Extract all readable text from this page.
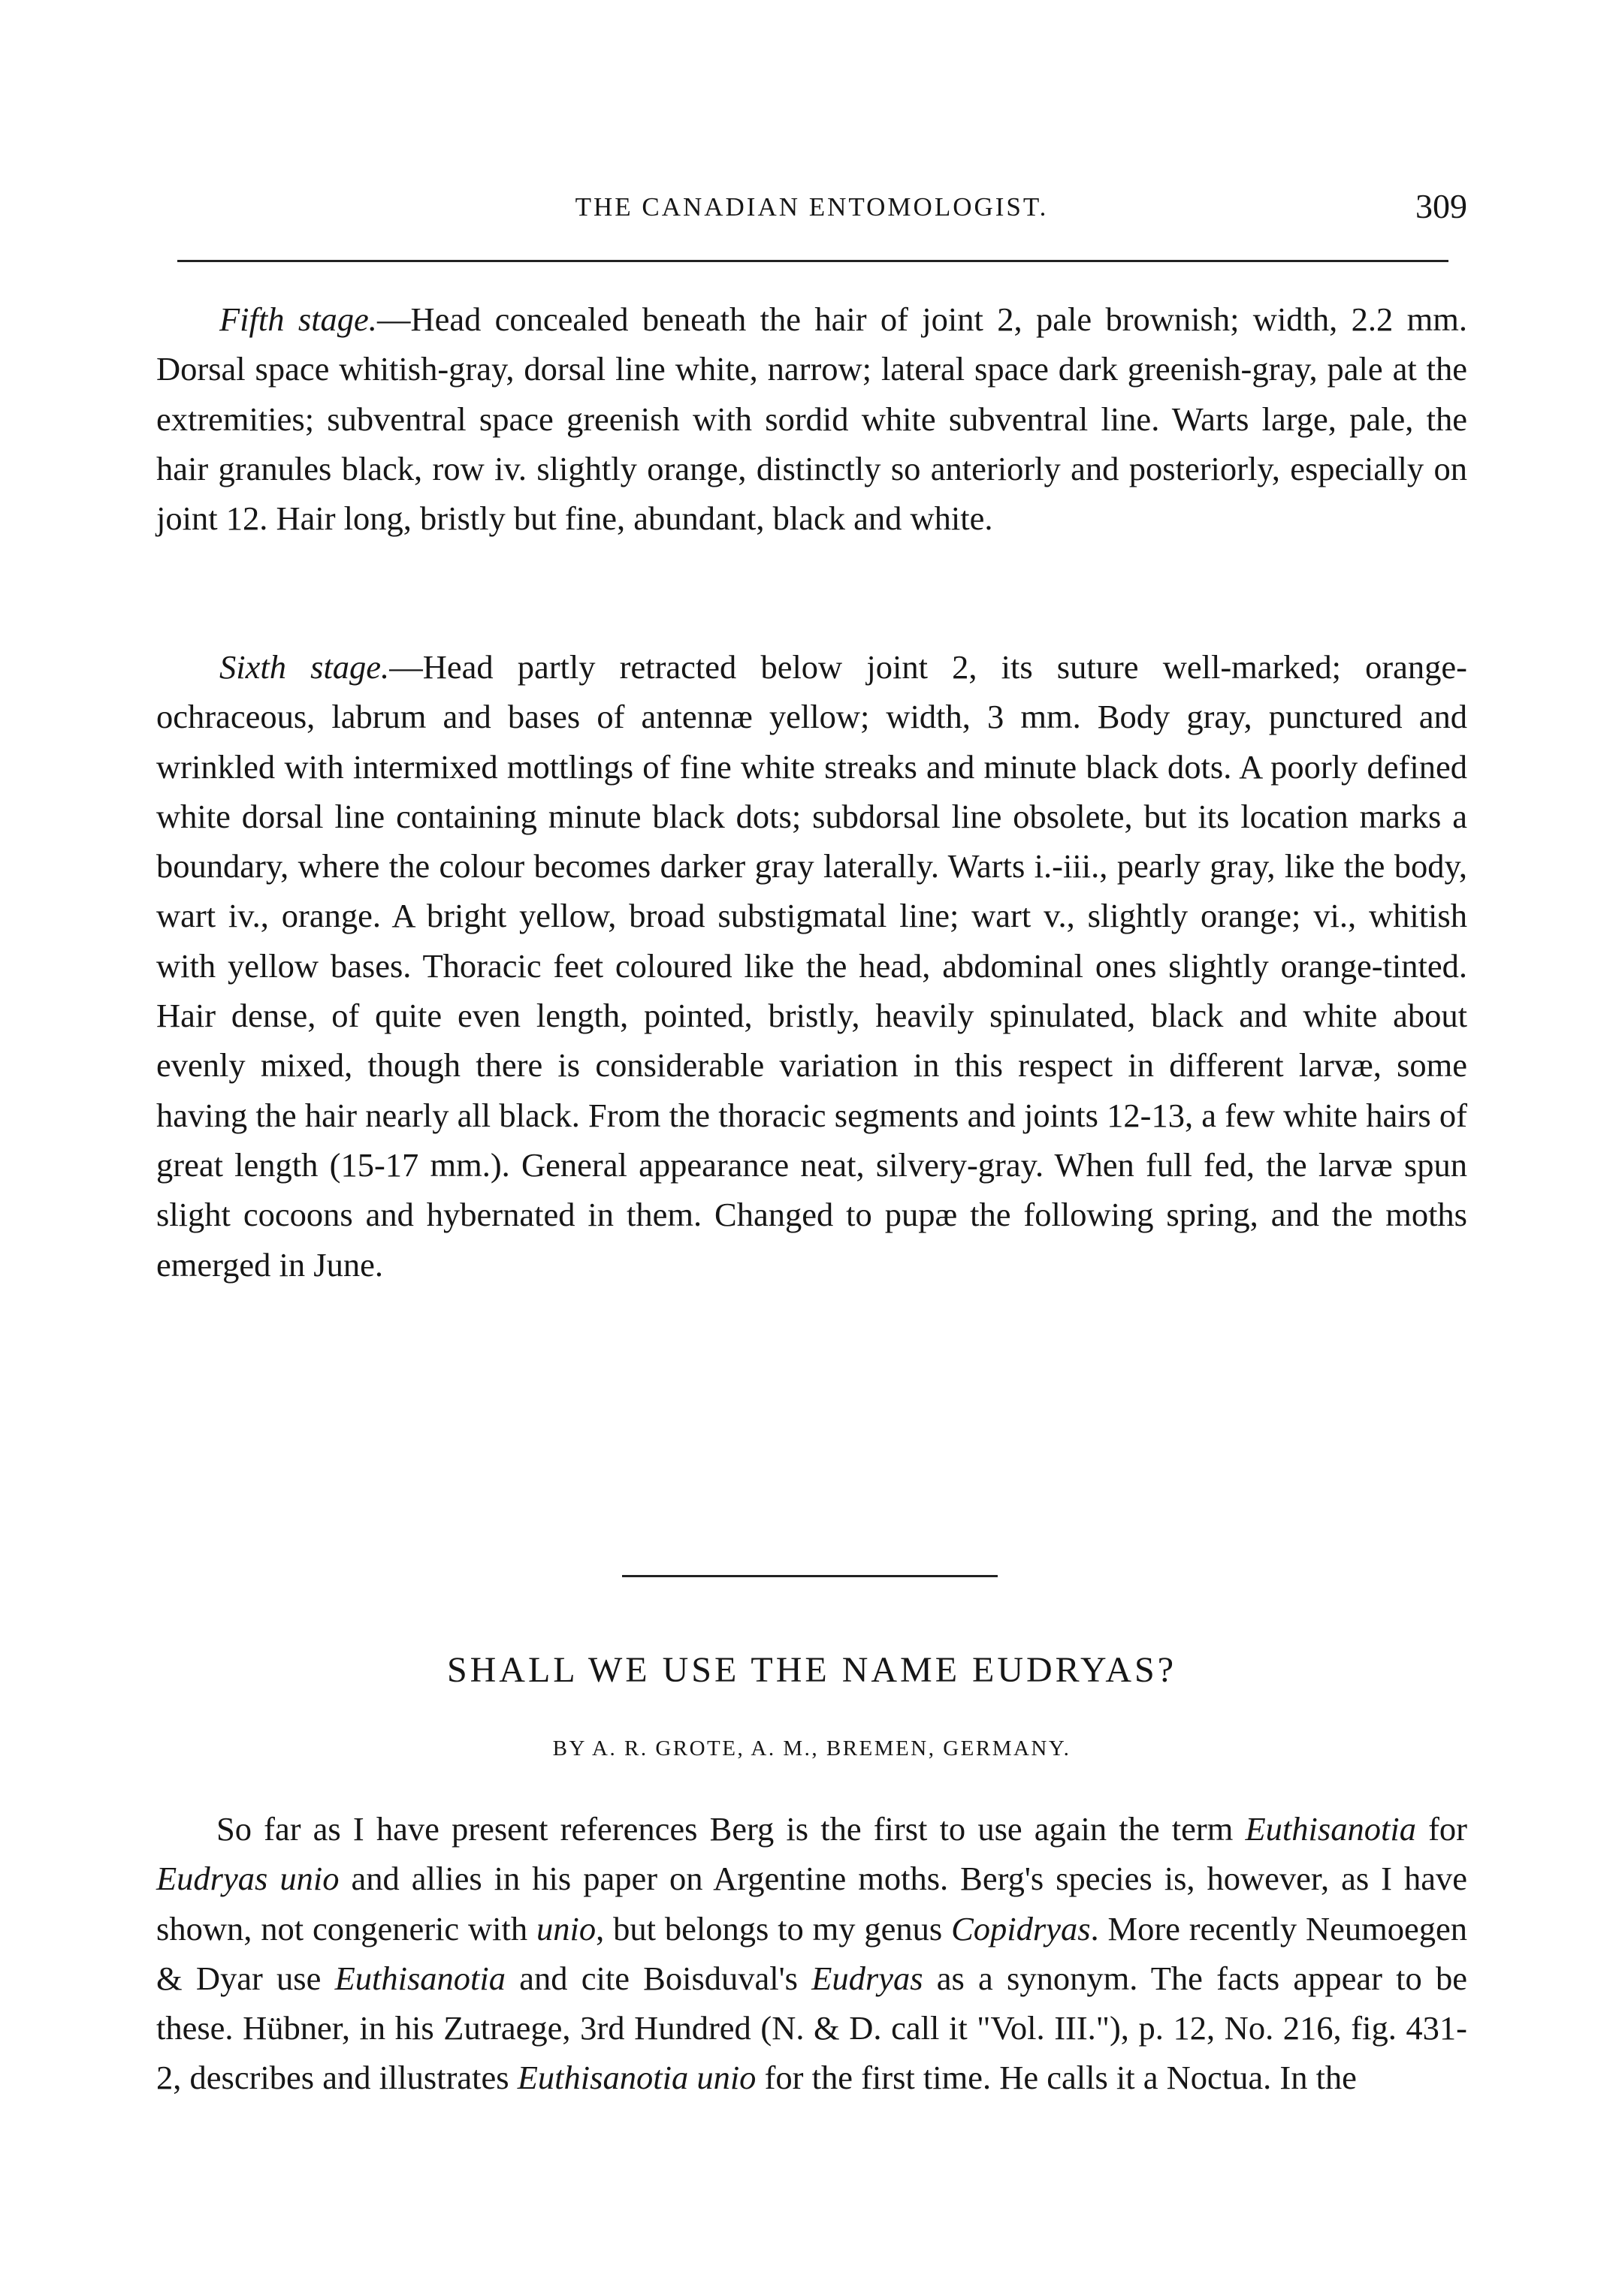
THE CANADIAN ENTOMOLOGIST.	309

Fifth stage.—Head concealed beneath the hair of joint 2, pale brownish; width, 2.2 mm. Dorsal space whitish-gray, dorsal line white, narrow; lateral space dark greenish-gray, pale at the extremities; subventral space greenish with sordid white subventral line. Warts large, pale, the hair granules black, row iv. slightly orange, distinctly so anteriorly and posteriorly, especially on joint 12. Hair long, bristly but fine, abundant, black and white.

Sixth stage.—Head partly retracted below joint 2, its suture well-marked; orange-ochraceous, labrum and bases of antennæ yellow; width, 3 mm. Body gray, punctured and wrinkled with intermixed mottlings of fine white streaks and minute black dots. A poorly defined white dorsal line containing minute black dots; subdorsal line obsolete, but its location marks a boundary, where the colour becomes darker gray laterally. Warts i.-iii., pearly gray, like the body, wart iv., orange. A bright yellow, broad substigmatal line; wart v., slightly orange; vi., whitish with yellow bases. Thoracic feet coloured like the head, abdominal ones slightly orange-tinted. Hair dense, of quite even length, pointed, bristly, heavily spinulated, black and white about evenly mixed, though there is considerable variation in this respect in different larvæ, some having the hair nearly all black. From the thoracic segments and joints 12-13, a few white hairs of great length (15-17 mm.). General appearance neat, silvery-gray. When full fed, the larvæ spun slight cocoons and hybernated in them. Changed to pupæ the following spring, and the moths emerged in June.

SHALL WE USE THE NAME EUDRYAS?
BY A. R. GROTE, A. M., BREMEN, GERMANY.

So far as I have present references Berg is the first to use again the term Euthisanotia for Eudryas unio and allies in his paper on Argentine moths. Berg's species is, however, as I have shown, not congeneric with unio, but belongs to my genus Copidryas. More recently Neumoegen & Dyar use Euthisanotia and cite Boisduval's Eudryas as a synonym. The facts appear to be these. Hübner, in his Zutraege, 3rd Hundred (N. & D. call it "Vol. III."), p. 12, No. 216, fig. 431-2, describes and illustrates Euthisanotia unio for the first time. He calls it a Noctua. In the
